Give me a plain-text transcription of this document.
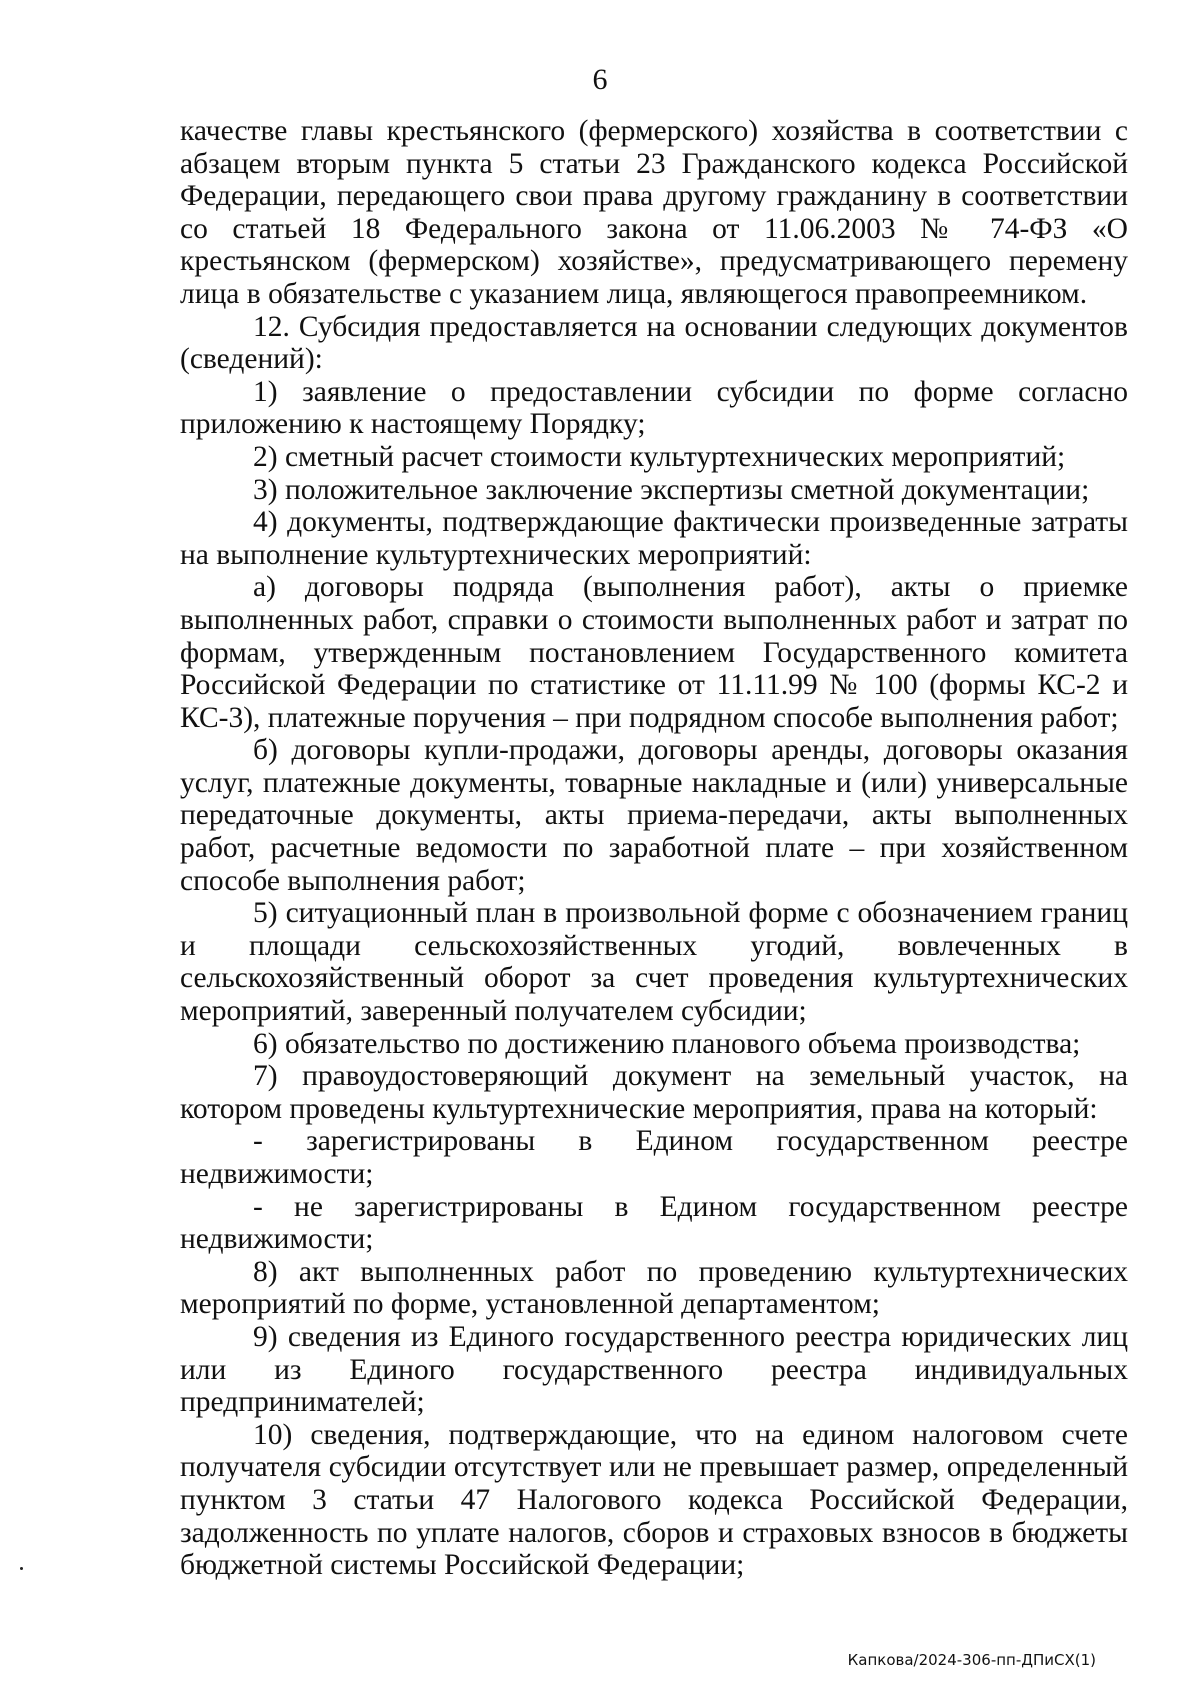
6

качестве главы крестьянского (фермерского) хозяйства в соответствии с абзацем вторым пункта 5 статьи 23 Гражданского кодекса Российской Федерации, передающего свои права другому гражданину в соответствии со статьей 18 Федерального закона от 11.06.2003 № 74-ФЗ «О крестьянском (фермерском) хозяйстве», предусматривающего перемену лица в обязательстве с указанием лица, являющегося правопреемником.

12. Субсидия предоставляется на основании следующих документов (сведений):

1) заявление о предоставлении субсидии по форме согласно приложению к настоящему Порядку;

2) сметный расчет стоимости культуртехнических мероприятий;

3) положительное заключение экспертизы сметной документации;

4) документы, подтверждающие фактически произведенные затраты на выполнение культуртехнических мероприятий:

а) договоры подряда (выполнения работ), акты о приемке выполненных работ, справки о стоимости выполненных работ и затрат по формам, утвержденным постановлением Государственного комитета Российской Федерации по статистике от 11.11.99 № 100 (формы КС-2 и КС-3), платежные поручения – при подрядном способе выполнения работ;

б) договоры купли-продажи, договоры аренды, договоры оказания услуг, платежные документы, товарные накладные и (или) универсальные передаточные документы, акты приема-передачи, акты выполненных работ, расчетные ведомости по заработной плате – при хозяйственном способе выполнения работ;

5) ситуационный план в произвольной форме с обозначением границ и площади сельскохозяйственных угодий, вовлеченных в сельскохозяйственный оборот за счет проведения культуртехнических мероприятий, заверенный получателем субсидии;

6) обязательство по достижению планового объема производства;

7) правоудостоверяющий документ на земельный участок, на котором проведены культуртехнические мероприятия, права на который:

- зарегистрированы в Едином государственном реестре недвижимости;

- не зарегистрированы в Едином государственном реестре недвижимости;

8) акт выполненных работ по проведению культуртехнических мероприятий по форме, установленной департаментом;

9) сведения из Единого государственного реестра юридических лиц или из Единого государственного реестра индивидуальных предпринимателей;

10) сведения, подтверждающие, что на едином налоговом счете получателя субсидии отсутствует или не превышает размер, определенный пунктом 3 статьи 47 Налогового кодекса Российской Федерации, задолженность по уплате налогов, сборов и страховых взносов в бюджеты бюджетной системы Российской Федерации;

Капкова/2024-306-пп-ДПиСХ(1)
